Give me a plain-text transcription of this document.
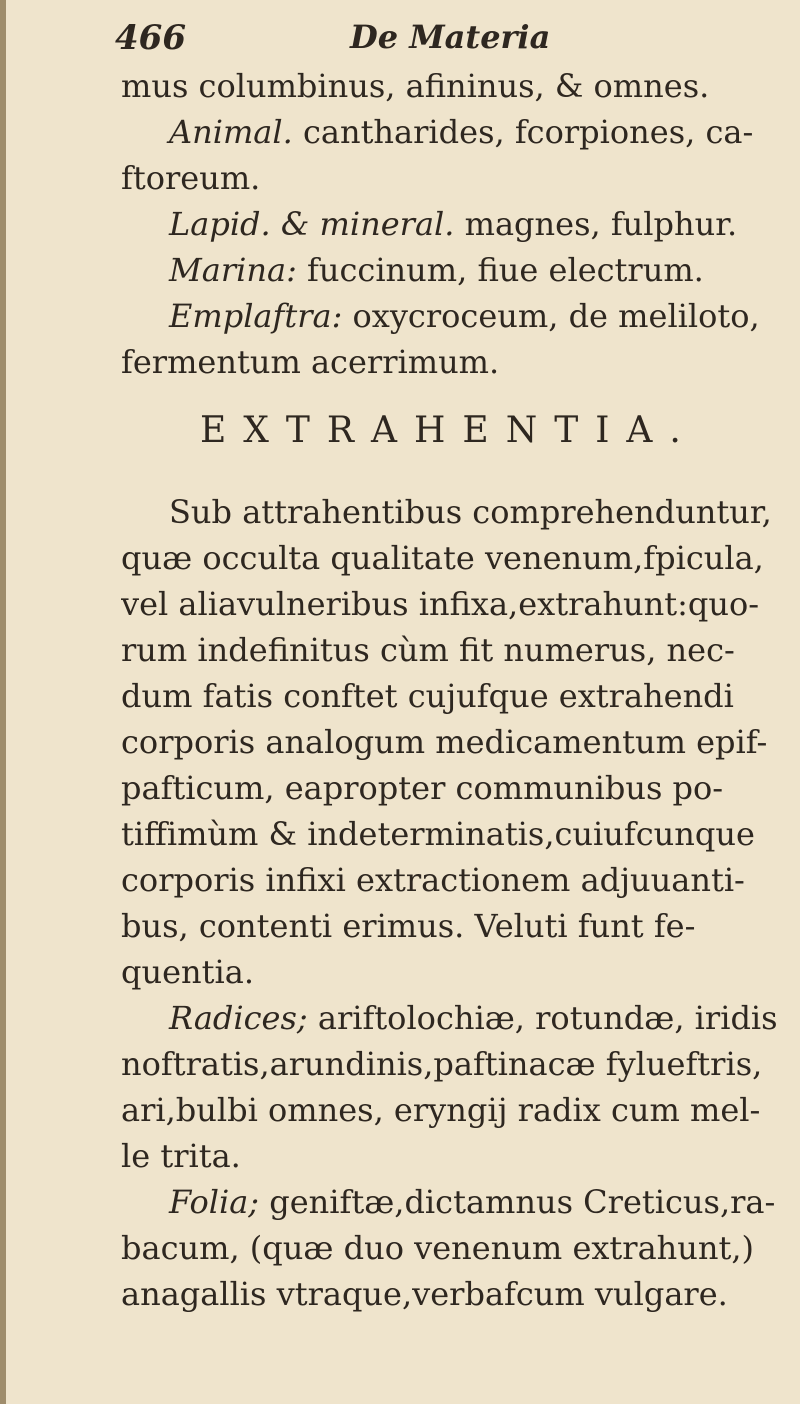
466	De Materia
mus columbinus, afininus, & omnes.
Animal. cantharides, fcorpiones, ca-
ftoreum.
Lapid. & mineral. magnes, fulphur.
Marina: fuccinum, fiue electrum.
Emplaftra: oxycroceum, de meliloto,
fermentum acerrimum.
EXTRAHENTIA.
Sub attrahentibus comprehenduntur,
quæ occulta qualitate venenum,fpicula,
vel aliavulneribus infixa,extrahunt:quo-
rum indefinitus cùm fit numerus, nec-
dum fatis conftet cujufque extrahendi
corporis analogum medicamentum epif-
pafticum, eapropter communibus po-
tiffimùm & indeterminatis,cuiufcunque
corporis infixi extractionem adjuuanti-
bus, contenti erimus. Veluti funt fe-
quentia.
Radices; ariftolochiæ, rotundæ, iridis
noftratis,arundinis,paftinacæ fylueftris,
ari,bulbi omnes, eryngij radix cum mel-
le trita.
Folia; geniftæ,dictamnus Creticus,ra-
bacum, (quæ duo venenum extrahunt,)
anagallis vtraque,verbafcum vulgare.
